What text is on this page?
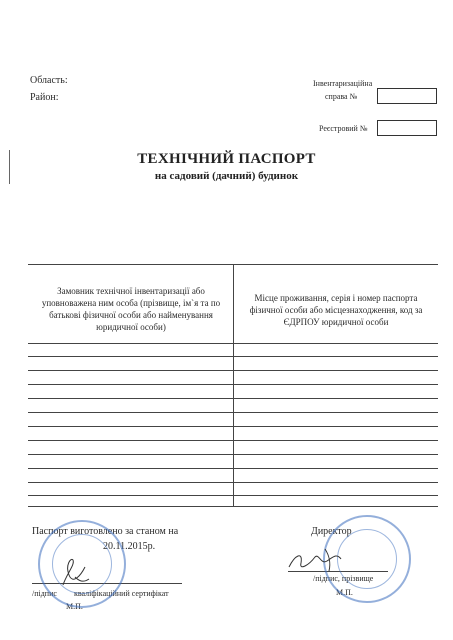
Область:
Район:
Інвентаризаційна
справа №
Реєстровий №
ТЕХНІЧНИЙ ПАСПОРТ
на садовий (дачний) будинок
Замовник технічної інвентаризації або уповноважена ним особа (прізвище, ім`я та по батькові фізичної особи або найменування юридичної особи)
Місце проживання, серія і номер паспорта фізичної особи або місцезнаходження, код за ЄДРПОУ юридичної особи
Паспорт виготовлено за станом на
20.11.2015р.
/підпис кваліфікаційний сертифікат
М.П.
Директор
/підпис, прізвище
М.П.
